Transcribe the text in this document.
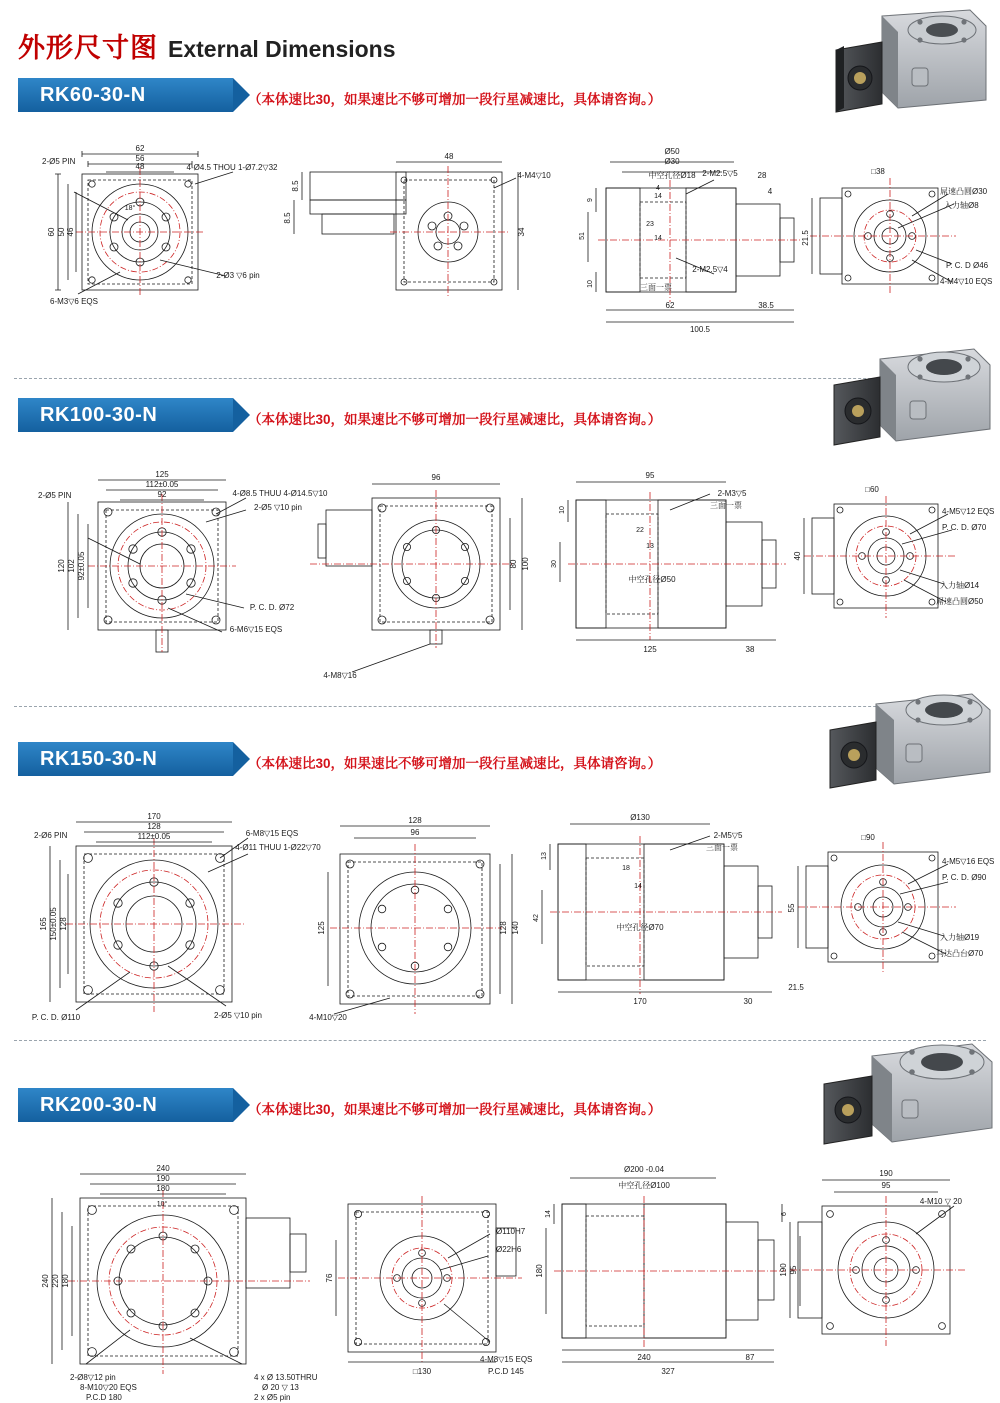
外形尺寸图 External Dimensions
RK60-30-N	（本体速比30，如果速比不够可增加一段行星减速比，具体请咨询。）
62
56
48	4-Ø4.5 THOU 1-Ø7.2▽32
2-Ø3 ▽6 pin
6-M3▽6 EQS
18°
60 50 46
2-Ø5 PIN
48
4-M4▽10
34
8.5
8.5
Ø50
Ø30
中空孔径Ø18 2-M2.5▽5
4
14
23
14
2-M2.5▽4
三面一票
28
4
9
51
10
62	38.5
100.5
□38
屌速凸圆Ø30
入力轴Ø8
P. C. D Ø46
4-M4▽10 EQS
21.5
RK100-30-N	（本体速比30，如果速比不够可增加一段行星减速比，具体请咨询。）
125
112±0.05
92	4-Ø8.5 THUU 4-Ø14.5▽10
2-Ø5 ▽10 pin
P. C. D. Ø72
6-M6▽15 EQS
2-Ø5 PIN
120 102 92±0.05
96
80 100
4-M8▽16
95
2-M3▽5
三面一票
10
22
13
30
中空孔径Ø50
125	38
□60
4-M5▽12 EQS
P. C. D. Ø70
入力轴Ø14
屌速凸圆Ø50
40
RK150-30-N	（本体速比30，如果速比不够可增加一段行星减速比，具体请咨询。）
170
128
112±0.05	6-M8▽15 EQS
4-Ø11 THUU 1-Ø22▽70
P. C. D. Ø110	2-Ø5 ▽10 pin
2-Ø6 PIN
165 150±0.05 128
128
96
128 140
125
4-M10▽20
Ø130
2-M5▽5
三面一票
13
18
14
42
中空孔径Ø70
170	30
21.5
□90
4-M5▽16 EQS
P. C. D. Ø90
入力轴Ø19
马达凸台Ø70
55
RK200-30-N	（本体速比30，如果速比不够可增加一段行星减速比，具体请咨询。）
240
190
180
10°
240 220 180
2-Ø8▽12 pin
8-M10▽20 EQS
P.C.D 180
4 x Ø 13.50THRU
Ø 20 ▽ 13
2 x Ø5 pin
Ø110H7
Ø22H6
76
□130
4-M8▽15 EQS
P.C.D 145
Ø200 -0.04
中空孔径Ø100
14	6
180
240	87
327
190
95
190 95
4-M10 ▽ 20
